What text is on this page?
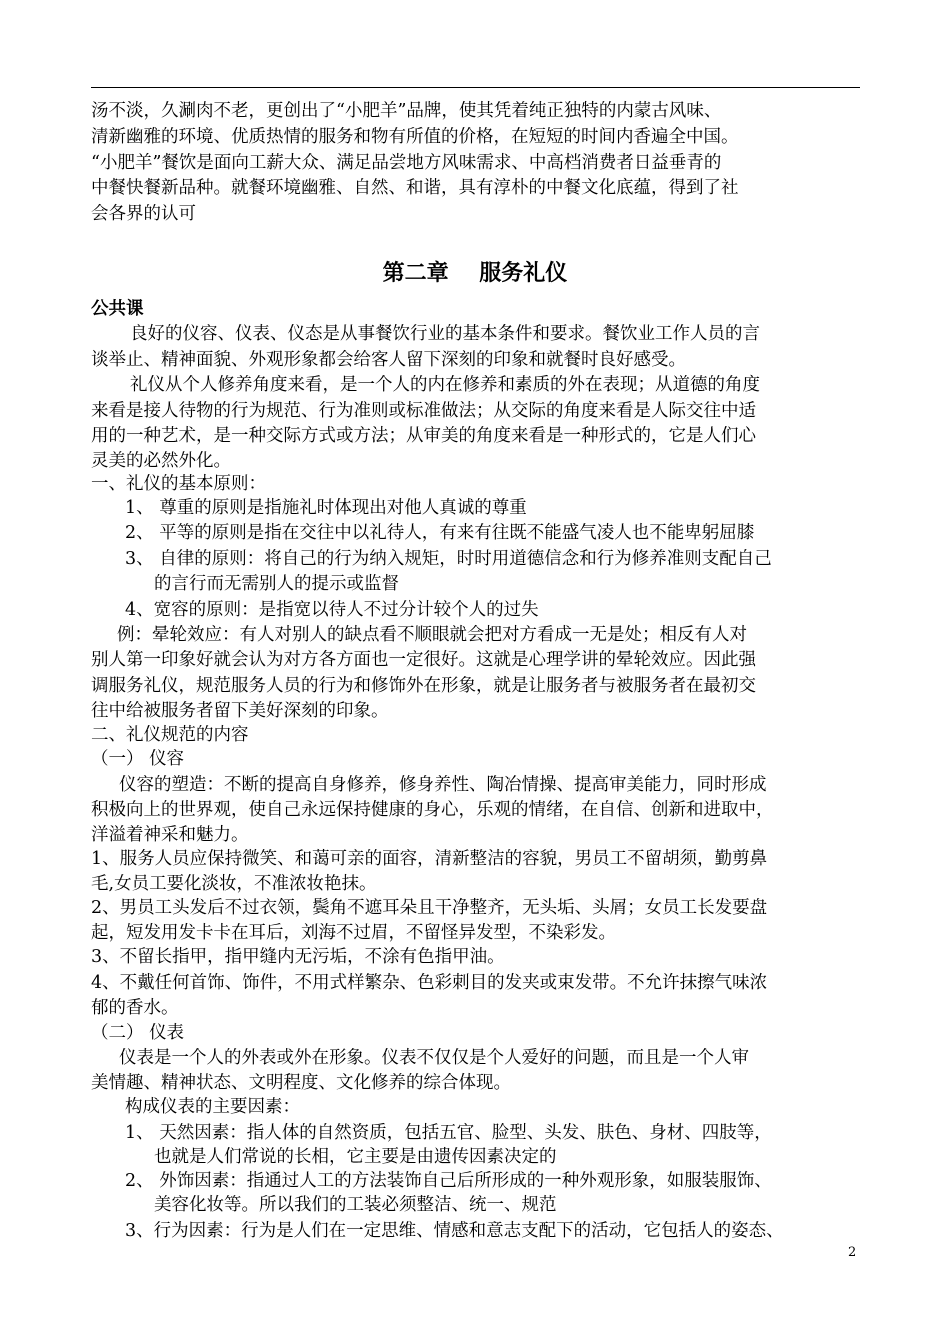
汤不淡，久涮肉不老，更创出了“小肥羊”品牌，使其凭着纯正独特的内蒙古风味、
清新幽雅的环境、优质热情的服务和物有所值的价格，在短短的时间内香遍全中国。
“小肥羊”餐饮是面向工薪大众、满足品尝地方风味需求、中高档消费者日益垂青的
中餐快餐新品种。就餐环境幽雅、自然、和谐，具有淳朴的中餐文化底蕴，得到了社
会各界的认可
第二章    服务礼仪
公共课
良好的仪容、仪表、仪态是从事餐饮行业的基本条件和要求。餐饮业工作人员的言
谈举止、精神面貌、外观形象都会给客人留下深刻的印象和就餐时良好感受。
礼仪从个人修养角度来看，是一个人的内在修养和素质的外在表现；从道德的角度
来看是接人待物的行为规范、行为准则或标准做法；从交际的角度来看是人际交往中适
用的一种艺术，是一种交际方式或方法；从审美的角度来看是一种形式的，它是人们心
灵美的必然外化。
一、礼仪的基本原则：
1、 尊重的原则是指施礼时体现出对他人真诚的尊重
2、 平等的原则是指在交往中以礼待人，有来有往既不能盛气凌人也不能卑躬屈膝
3、 自律的原则：将自己的行为纳入规矩，时时用道德信念和行为修养准则支配自己
的言行而无需别人的提示或监督
4、宽容的原则：是指宽以待人不过分计较个人的过失
例：晕轮效应：有人对别人的缺点看不顺眼就会把对方看成一无是处；相反有人对
别人第一印象好就会认为对方各方面也一定很好。这就是心理学讲的晕轮效应。因此强
调服务礼仪，规范服务人员的行为和修饰外在形象，就是让服务者与被服务者在最初交
往中给被服务者留下美好深刻的印象。
二、礼仪规范的内容
（一） 仪容
仪容的塑造：不断的提高自身修养，修身养性、陶冶情操、提高审美能力，同时形成
积极向上的世界观，使自己永远保持健康的身心，乐观的情绪，在自信、创新和进取中，
洋溢着神采和魅力。
1、服务人员应保持微笑、和蔼可亲的面容，清新整洁的容貌，男员工不留胡须，勤剪鼻
毛,女员工要化淡妆，不准浓妆艳抹。
2、男员工头发后不过衣领，鬓角不遮耳朵且干净整齐，无头垢、头屑；女员工长发要盘
起，短发用发卡卡在耳后，刘海不过眉，不留怪异发型，不染彩发。
3、不留长指甲，指甲缝内无污垢，不涂有色指甲油。
4、不戴任何首饰、饰件，不用式样繁杂、色彩刺目的发夹或束发带。不允许抹擦气味浓
郁的香水。
（二） 仪表
仪表是一个人的外表或外在形象。仪表不仅仅是个人爱好的问题，而且是一个人审
美情趣、精神状态、文明程度、文化修养的综合体现。
构成仪表的主要因素：
1、 天然因素：指人体的自然资质，包括五官、脸型、头发、肤色、身材、四肢等，
也就是人们常说的长相，它主要是由遗传因素决定的
2、 外饰因素：指通过人工的方法装饰自己后所形成的一种外观形象，如服装服饰、
美容化妆等。所以我们的工装必须整洁、统一、规范
3、行为因素：行为是人们在一定思维、情感和意志支配下的活动，它包括人的姿态、
2
